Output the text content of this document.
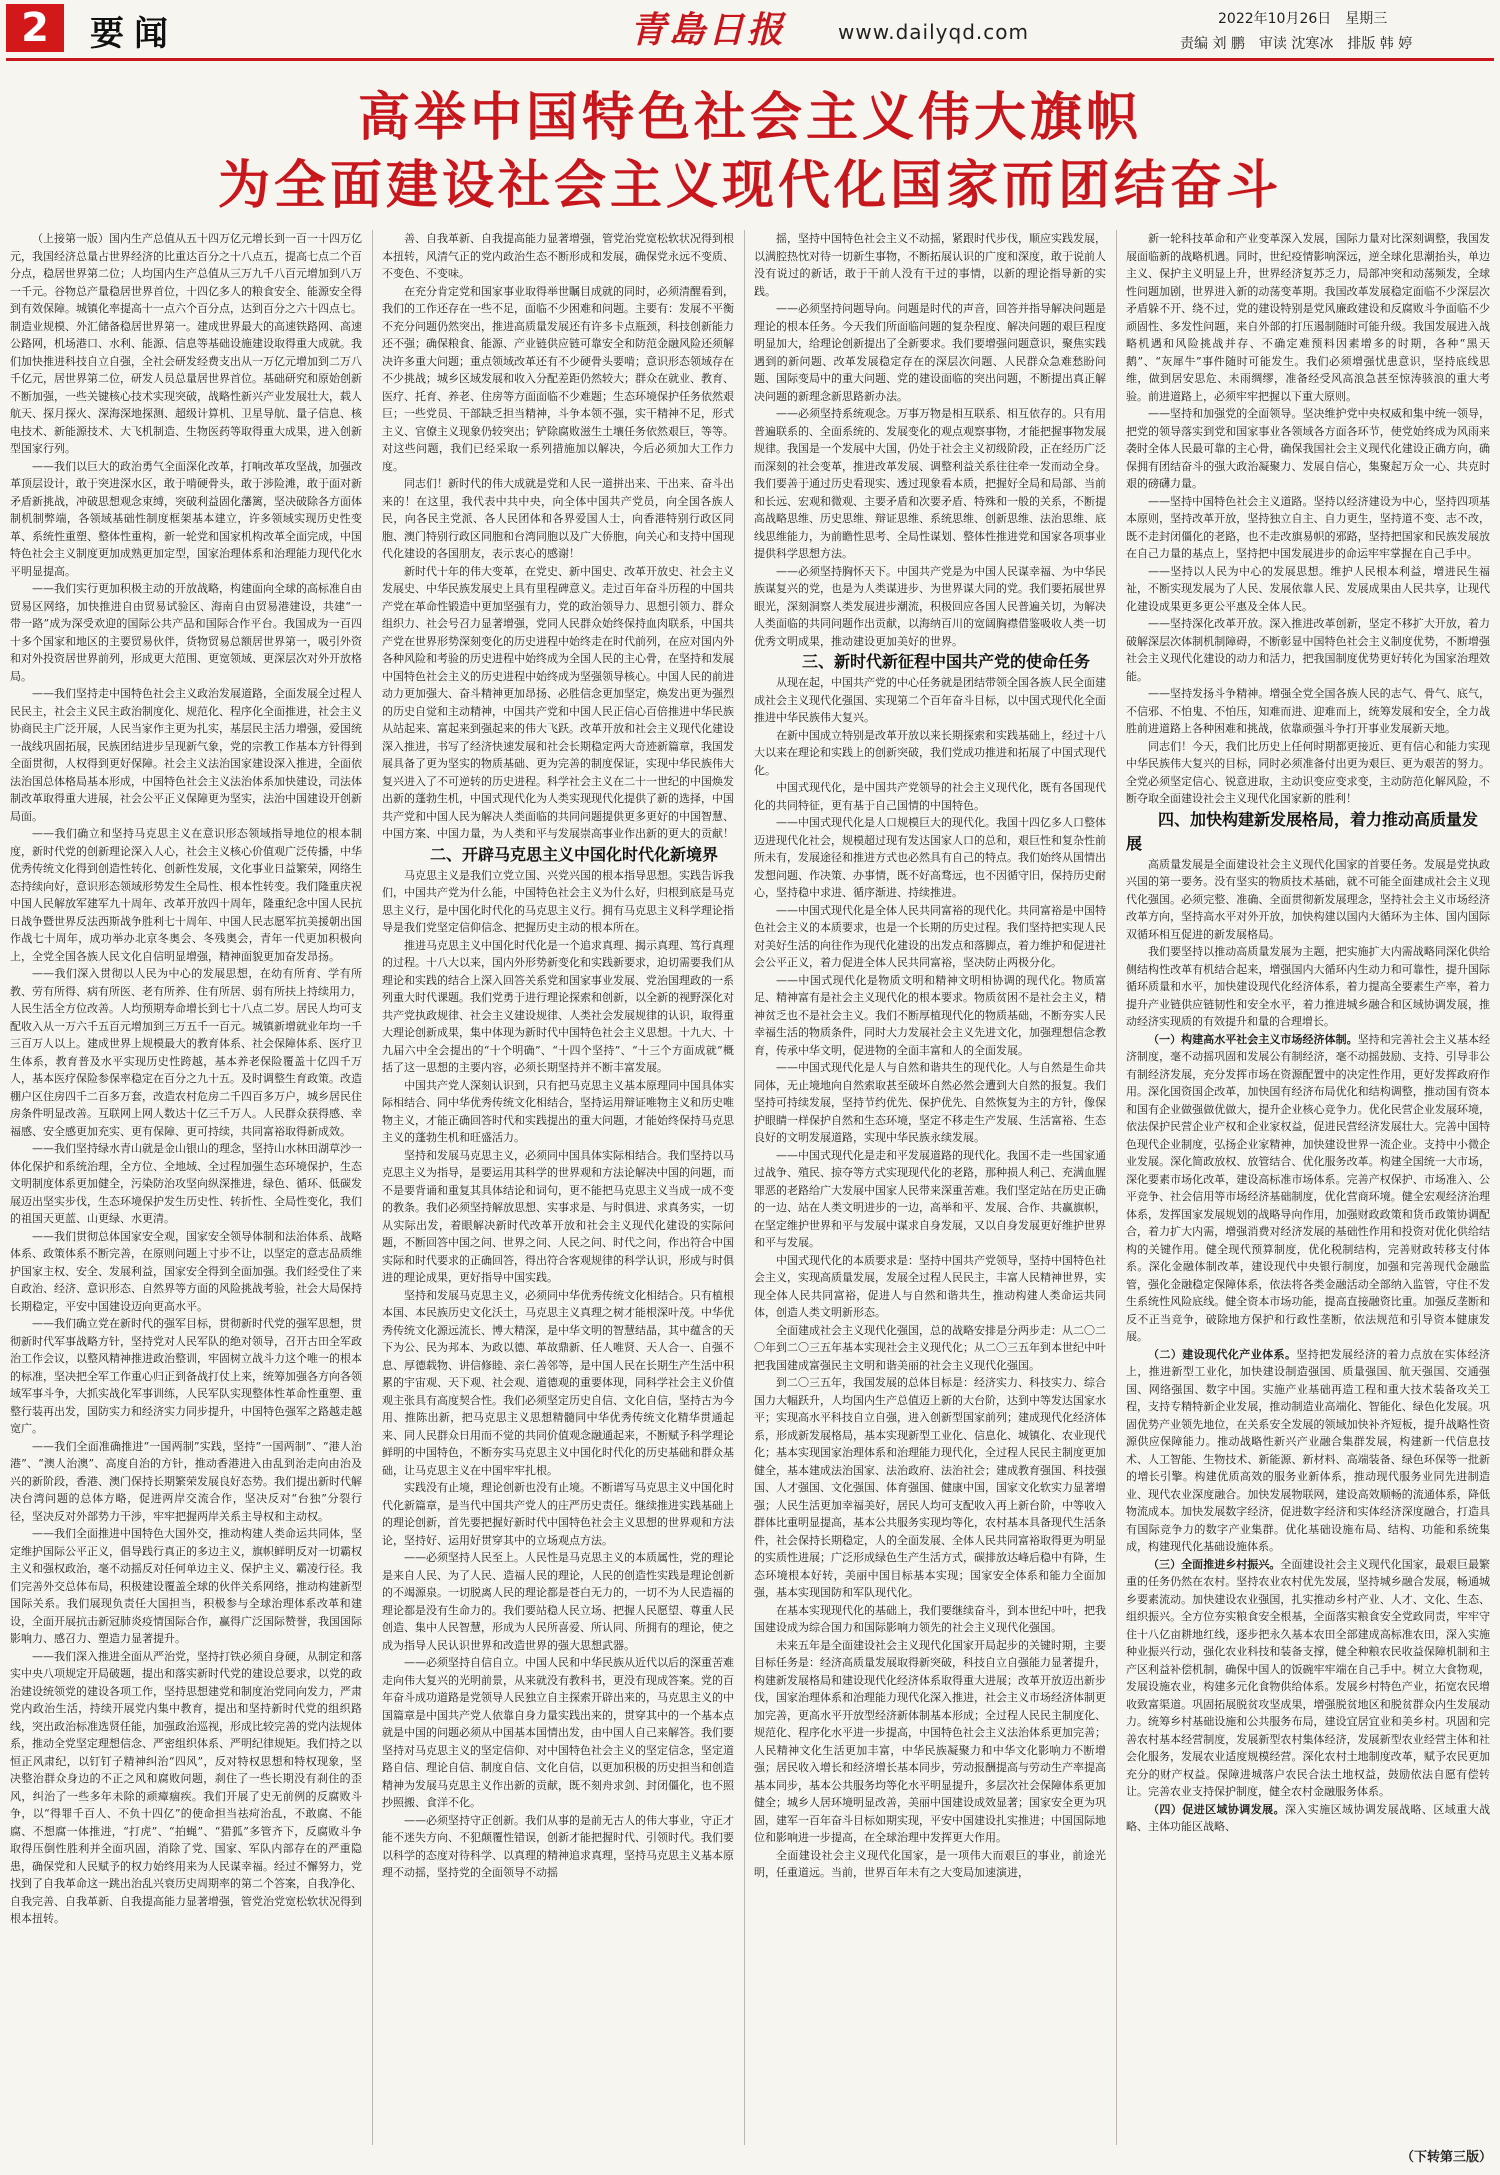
2	要闻	青島日报	www.dailyqd.com
2022年10月26日　星期三
责编 刘 鹏　审读 沈寒冰　排版 韩 婷
高举中国特色社会主义伟大旗帜
为全面建设社会主义现代化国家而团结奋斗

（上接第一版）国内生产总值从五十四万亿元增长到一百一十四万亿元，我国经济总量占世界经济的比重达百分之十八点五，提高七点二个百分点，稳居世界第二位；人均国内生产总值从三万九千八百元增加到八万一千元。谷物总产量稳居世界首位，十四亿多人的粮食安全、能源安全得到有效保障。城镇化率提高十一点六个百分点，达到百分之六十四点七。制造业规模、外汇储备稳居世界第一。建成世界最大的高速铁路网、高速公路网，机场港口、水利、能源、信息等基础设施建设取得重大成就。我们加快推进科技自立自强，全社会研发经费支出从一万亿元增加到二万八千亿元，居世界第二位，研发人员总量居世界首位。基础研究和原始创新不断加强，一些关键核心技术实现突破，战略性新兴产业发展壮大，载人航天、探月探火、深海深地探测、超级计算机、卫星导航、量子信息、核电技术、新能源技术、大飞机制造、生物医药等取得重大成果，进入创新型国家行列。

——我们以巨大的政治勇气全面深化改革，打响改革攻坚战，加强改革顶层设计，敢于突进深水区，敢于啃硬骨头，敢于涉险滩，敢于面对新矛盾新挑战，冲破思想观念束缚，突破利益固化藩篱，坚决破除各方面体制机制弊端，各领域基础性制度框架基本建立，许多领域实现历史性变革、系统性重塑、整体性重构，新一轮党和国家机构改革全面完成，中国特色社会主义制度更加成熟更加定型，国家治理体系和治理能力现代化水平明显提高。

——我们实行更加积极主动的开放战略，构建面向全球的高标准自由贸易区网络，加快推进自由贸易试验区、海南自由贸易港建设，共建“一带一路”成为深受欢迎的国际公共产品和国际合作平台。我国成为一百四十多个国家和地区的主要贸易伙伴，货物贸易总额居世界第一，吸引外资和对外投资居世界前列，形成更大范围、更宽领域、更深层次对外开放格局。

——我们坚持走中国特色社会主义政治发展道路，全面发展全过程人民民主，社会主义民主政治制度化、规范化、程序化全面推进，社会主义协商民主广泛开展，人民当家作主更为扎实，基层民主活力增强，爱国统一战线巩固拓展，民族团结进步呈现新气象，党的宗教工作基本方针得到全面贯彻，人权得到更好保障。社会主义法治国家建设深入推进，全面依法治国总体格局基本形成，中国特色社会主义法治体系加快建设，司法体制改革取得重大进展，社会公平正义保障更为坚实，法治中国建设开创新局面。

——我们确立和坚持马克思主义在意识形态领域指导地位的根本制度，新时代党的创新理论深入人心，社会主义核心价值观广泛传播，中华优秀传统文化得到创造性转化、创新性发展，文化事业日益繁荣，网络生态持续向好，意识形态领域形势发生全局性、根本性转变。我们隆重庆祝中国人民解放军建军九十周年、改革开放四十周年，隆重纪念中国人民抗日战争暨世界反法西斯战争胜利七十周年、中国人民志愿军抗美援朝出国作战七十周年，成功举办北京冬奥会、冬残奥会，青年一代更加积极向上，全党全国各族人民文化自信明显增强，精神面貌更加奋发昂扬。

——我们深入贯彻以人民为中心的发展思想，在幼有所育、学有所教、劳有所得、病有所医、老有所养、住有所居、弱有所扶上持续用力，人民生活全方位改善。人均预期寿命增长到七十八点二岁。居民人均可支配收入从一万六千五百元增加到三万五千一百元。城镇新增就业年均一千三百万人以上。建成世界上规模最大的教育体系、社会保障体系、医疗卫生体系，教育普及水平实现历史性跨越，基本养老保险覆盖十亿四千万人，基本医疗保险参保率稳定在百分之九十五。及时调整生育政策。改造棚户区住房四千二百多万套，改造农村危房二千四百多万户，城乡居民住房条件明显改善。互联网上网人数达十亿三千万人。人民群众获得感、幸福感、安全感更加充实、更有保障、更可持续，共同富裕取得新成效。

——我们坚持绿水青山就是金山银山的理念，坚持山水林田湖草沙一体化保护和系统治理，全方位、全地域、全过程加强生态环境保护，生态文明制度体系更加健全，污染防治攻坚向纵深推进，绿色、循环、低碳发展迈出坚实步伐，生态环境保护发生历史性、转折性、全局性变化，我们的祖国天更蓝、山更绿、水更清。

——我们贯彻总体国家安全观，国家安全领导体制和法治体系、战略体系、政策体系不断完善，在原则问题上寸步不让，以坚定的意志品质维护国家主权、安全、发展利益，国家安全得到全面加强。我们经受住了来自政治、经济、意识形态、自然界等方面的风险挑战考验，社会大局保持长期稳定，平安中国建设迈向更高水平。

——我们确立党在新时代的强军目标，贯彻新时代党的强军思想，贯彻新时代军事战略方针，坚持党对人民军队的绝对领导，召开古田全军政治工作会议，以整风精神推进政治整训，牢固树立战斗力这个唯一的根本的标准，坚决把全军工作重心归正到备战打仗上来，统筹加强各方向各领域军事斗争，大抓实战化军事训练，人民军队实现整体性革命性重塑、重整行装再出发，国防实力和经济实力同步提升，中国特色强军之路越走越宽广。

——我们全面准确推进“一国两制”实践，坚持“一国两制”、“港人治港”、“澳人治澳”、高度自治的方针，推动香港进入由乱到治走向由治及兴的新阶段，香港、澳门保持长期繁荣发展良好态势。我们提出新时代解决台湾问题的总体方略，促进两岸交流合作，坚决反对“台独”分裂行径，坚决反对外部势力干涉，牢牢把握两岸关系主导权和主动权。

——我们全面推进中国特色大国外交，推动构建人类命运共同体，坚定维护国际公平正义，倡导践行真正的多边主义，旗帜鲜明反对一切霸权主义和强权政治，毫不动摇反对任何单边主义、保护主义、霸凌行径。我们完善外交总体布局，积极建设覆盖全球的伙伴关系网络，推动构建新型国际关系。我们展现负责任大国担当，积极参与全球治理体系改革和建设，全面开展抗击新冠肺炎疫情国际合作，赢得广泛国际赞誉，我国国际影响力、感召力、塑造力显著提升。

——我们深入推进全面从严治党，坚持打铁必须自身硬，从制定和落实中央八项规定开局破题，提出和落实新时代党的建设总要求，以党的政治建设统领党的建设各项工作，坚持思想建党和制度治党同向发力，严肃党内政治生活，持续开展党内集中教育，提出和坚持新时代党的组织路线，突出政治标准选贤任能，加强政治巡视，形成比较完善的党内法规体系，推动全党坚定理想信念、严密组织体系、严明纪律规矩。我们持之以恒正风肃纪，以钉钉子精神纠治“四风”，反对特权思想和特权现象，坚决整治群众身边的不正之风和腐败问题，刹住了一些长期没有刹住的歪风，纠治了一些多年未除的顽瘴痼疾。我们开展了史无前例的反腐败斗争，以“得罪千百人、不负十四亿”的使命担当祛疴治乱，不敢腐、不能腐、不想腐一体推进，“打虎”、“拍蝇”、“猎狐”多管齐下，反腐败斗争取得压倒性胜利并全面巩固，消除了党、国家、军队内部存在的严重隐患，确保党和人民赋予的权力始终用来为人民谋幸福。经过不懈努力，党找到了自我革命这一跳出治乱兴衰历史周期率的第二个答案，自我净化、自我完善、自我革新、自我提高能力显著增强，管党治党宽松软状况得到根本扭转。

善、自我革新、自我提高能力显著增强，管党治党宽松软状况得到根本扭转，风清气正的党内政治生态不断形成和发展，确保党永远不变质、不变色、不变味。

在充分肯定党和国家事业取得举世瞩目成就的同时，必须清醒看到，我们的工作还存在一些不足，面临不少困难和问题。主要有：发展不平衡不充分问题仍然突出，推进高质量发展还有许多卡点瓶颈，科技创新能力还不强；确保粮食、能源、产业链供应链可靠安全和防范金融风险还须解决许多重大问题；重点领域改革还有不少硬骨头要啃；意识形态领域存在不少挑战；城乡区域发展和收入分配差距仍然较大；群众在就业、教育、医疗、托育、养老、住房等方面面临不少难题；生态环境保护任务依然艰巨；一些党员、干部缺乏担当精神，斗争本领不强，实干精神不足，形式主义、官僚主义现象仍较突出；铲除腐败滋生土壤任务依然艰巨，等等。对这些问题，我们已经采取一系列措施加以解决，今后必须加大工作力度。

同志们！新时代的伟大成就是党和人民一道拼出来、干出来、奋斗出来的！在这里，我代表中共中央，向全体中国共产党员，向全国各族人民，向各民主党派、各人民团体和各界爱国人士，向香港特别行政区同胞、澳门特别行政区同胞和台湾同胞以及广大侨胞，向关心和支持中国现代化建设的各国朋友，表示衷心的感谢！

新时代十年的伟大变革，在党史、新中国史、改革开放史、社会主义发展史、中华民族发展史上具有里程碑意义。走过百年奋斗历程的中国共产党在革命性锻造中更加坚强有力，党的政治领导力、思想引领力、群众组织力、社会号召力显著增强，党同人民群众始终保持血肉联系，中国共产党在世界形势深刻变化的历史进程中始终走在时代前列，在应对国内外各种风险和考验的历史进程中始终成为全国人民的主心骨，在坚持和发展中国特色社会主义的历史进程中始终成为坚强领导核心。中国人民的前进动力更加强大、奋斗精神更加昂扬、必胜信念更加坚定，焕发出更为强烈的历史自觉和主动精神，中国共产党和中国人民正信心百倍推进中华民族从站起来、富起来到强起来的伟大飞跃。改革开放和社会主义现代化建设深入推进，书写了经济快速发展和社会长期稳定两大奇迹新篇章，我国发展具备了更为坚实的物质基础、更为完善的制度保证，实现中华民族伟大复兴进入了不可逆转的历史进程。科学社会主义在二十一世纪的中国焕发出新的蓬勃生机，中国式现代化为人类实现现代化提供了新的选择，中国共产党和中国人民为解决人类面临的共同问题提供更多更好的中国智慧、中国方案、中国力量，为人类和平与发展崇高事业作出新的更大的贡献！

二、开辟马克思主义中国化时代化新境界

马克思主义是我们立党立国、兴党兴国的根本指导思想。实践告诉我们，中国共产党为什么能，中国特色社会主义为什么好，归根到底是马克思主义行，是中国化时代化的马克思主义行。拥有马克思主义科学理论指导是我们党坚定信仰信念、把握历史主动的根本所在。

推进马克思主义中国化时代化是一个追求真理、揭示真理、笃行真理的过程。十八大以来，国内外形势新变化和实践新要求，迫切需要我们从理论和实践的结合上深入回答关系党和国家事业发展、党治国理政的一系列重大时代课题。我们党勇于进行理论探索和创新，以全新的视野深化对共产党执政规律、社会主义建设规律、人类社会发展规律的认识，取得重大理论创新成果，集中体现为新时代中国特色社会主义思想。十九大、十九届六中全会提出的“十个明确”、“十四个坚持”、“十三个方面成就”概括了这一思想的主要内容，必须长期坚持并不断丰富发展。

中国共产党人深刻认识到，只有把马克思主义基本原理同中国具体实际相结合、同中华优秀传统文化相结合，坚持运用辩证唯物主义和历史唯物主义，才能正确回答时代和实践提出的重大问题，才能始终保持马克思主义的蓬勃生机和旺盛活力。

坚持和发展马克思主义，必须同中国具体实际相结合。我们坚持以马克思主义为指导，是要运用其科学的世界观和方法论解决中国的问题，而不是要背诵和重复其具体结论和词句，更不能把马克思主义当成一成不变的教条。我们必须坚持解放思想、实事求是、与时俱进、求真务实，一切从实际出发，着眼解决新时代改革开放和社会主义现代化建设的实际问题，不断回答中国之问、世界之问、人民之问、时代之问，作出符合中国实际和时代要求的正确回答，得出符合客观规律的科学认识，形成与时俱进的理论成果，更好指导中国实践。

坚持和发展马克思主义，必须同中华优秀传统文化相结合。只有植根本国、本民族历史文化沃土，马克思主义真理之树才能根深叶茂。中华优秀传统文化源远流长、博大精深，是中华文明的智慧结晶，其中蕴含的天下为公、民为邦本、为政以德、革故鼎新、任人唯贤、天人合一、自强不息、厚德载物、讲信修睦、亲仁善邻等，是中国人民在长期生产生活中积累的宇宙观、天下观、社会观、道德观的重要体现，同科学社会主义价值观主张具有高度契合性。我们必须坚定历史自信、文化自信，坚持古为今用、推陈出新，把马克思主义思想精髓同中华优秀传统文化精华贯通起来、同人民群众日用而不觉的共同价值观念融通起来，不断赋予科学理论鲜明的中国特色，不断夯实马克思主义中国化时代化的历史基础和群众基础，让马克思主义在中国牢牢扎根。

实践没有止境，理论创新也没有止境。不断谱写马克思主义中国化时代化新篇章，是当代中国共产党人的庄严历史责任。继续推进实践基础上的理论创新，首先要把握好新时代中国特色社会主义思想的世界观和方法论，坚持好、运用好贯穿其中的立场观点方法。

——必须坚持人民至上。人民性是马克思主义的本质属性，党的理论是来自人民、为了人民、造福人民的理论，人民的创造性实践是理论创新的不竭源泉。一切脱离人民的理论都是苍白无力的，一切不为人民造福的理论都是没有生命力的。我们要站稳人民立场、把握人民愿望、尊重人民创造、集中人民智慧，形成为人民所喜爱、所认同、所拥有的理论，使之成为指导人民认识世界和改造世界的强大思想武器。

——必须坚持自信自立。中国人民和中华民族从近代以后的深重苦难走向伟大复兴的光明前景，从来就没有教科书，更没有现成答案。党的百年奋斗成功道路是党领导人民独立自主探索开辟出来的，马克思主义的中国篇章是中国共产党人依靠自身力量实践出来的，贯穿其中的一个基本点就是中国的问题必须从中国基本国情出发，由中国人自己来解答。我们要坚持对马克思主义的坚定信仰、对中国特色社会主义的坚定信念，坚定道路自信、理论自信、制度自信、文化自信，以更加积极的历史担当和创造精神为发展马克思主义作出新的贡献，既不刻舟求剑、封闭僵化，也不照抄照搬、食洋不化。

——必须坚持守正创新。我们从事的是前无古人的伟大事业，守正才能不迷失方向、不犯颠覆性错误，创新才能把握时代、引领时代。我们要以科学的态度对待科学、以真理的精神追求真理，坚持马克思主义基本原理不动摇，坚持党的全面领导不动摇

摇，坚持中国特色社会主义不动摇，紧跟时代步伐，顺应实践发展，以满腔热忱对待一切新生事物，不断拓展认识的广度和深度，敢于说前人没有说过的新话，敢于干前人没有干过的事情，以新的理论指导新的实践。

——必须坚持问题导向。问题是时代的声音，回答并指导解决问题是理论的根本任务。今天我们所面临问题的复杂程度、解决问题的艰巨程度明显加大，给理论创新提出了全新要求。我们要增强问题意识，聚焦实践遇到的新问题、改革发展稳定存在的深层次问题、人民群众急难愁盼问题、国际变局中的重大问题、党的建设面临的突出问题，不断提出真正解决问题的新理念新思路新办法。

——必须坚持系统观念。万事万物是相互联系、相互依存的。只有用普遍联系的、全面系统的、发展变化的观点观察事物，才能把握事物发展规律。我国是一个发展中大国，仍处于社会主义初级阶段，正在经历广泛而深刻的社会变革，推进改革发展、调整利益关系往往牵一发而动全身。我们要善于通过历史看现实、透过现象看本质，把握好全局和局部、当前和长远、宏观和微观、主要矛盾和次要矛盾、特殊和一般的关系，不断提高战略思维、历史思维、辩证思维、系统思维、创新思维、法治思维、底线思维能力，为前瞻性思考、全局性谋划、整体性推进党和国家各项事业提供科学思想方法。

——必须坚持胸怀天下。中国共产党是为中国人民谋幸福、为中华民族谋复兴的党，也是为人类谋进步、为世界谋大同的党。我们要拓展世界眼光，深刻洞察人类发展进步潮流，积极回应各国人民普遍关切，为解决人类面临的共同问题作出贡献，以海纳百川的宽阔胸襟借鉴吸收人类一切优秀文明成果，推动建设更加美好的世界。

三、新时代新征程中国共产党的使命任务

从现在起，中国共产党的中心任务就是团结带领全国各族人民全面建成社会主义现代化强国、实现第二个百年奋斗目标，以中国式现代化全面推进中华民族伟大复兴。

在新中国成立特别是改革开放以来长期探索和实践基础上，经过十八大以来在理论和实践上的创新突破，我们党成功推进和拓展了中国式现代化。

中国式现代化，是中国共产党领导的社会主义现代化，既有各国现代化的共同特征，更有基于自己国情的中国特色。

——中国式现代化是人口规模巨大的现代化。我国十四亿多人口整体迈进现代化社会，规模超过现有发达国家人口的总和，艰巨性和复杂性前所未有，发展途径和推进方式也必然具有自己的特点。我们始终从国情出发想问题、作决策、办事情，既不好高骛远，也不因循守旧，保持历史耐心，坚持稳中求进、循序渐进、持续推进。

——中国式现代化是全体人民共同富裕的现代化。共同富裕是中国特色社会主义的本质要求，也是一个长期的历史过程。我们坚持把实现人民对美好生活的向往作为现代化建设的出发点和落脚点，着力维护和促进社会公平正义，着力促进全体人民共同富裕，坚决防止两极分化。

——中国式现代化是物质文明和精神文明相协调的现代化。物质富足、精神富有是社会主义现代化的根本要求。物质贫困不是社会主义，精神贫乏也不是社会主义。我们不断厚植现代化的物质基础，不断夯实人民幸福生活的物质条件，同时大力发展社会主义先进文化，加强理想信念教育，传承中华文明，促进物的全面丰富和人的全面发展。

——中国式现代化是人与自然和谐共生的现代化。人与自然是生命共同体，无止境地向自然索取甚至破坏自然必然会遭到大自然的报复。我们坚持可持续发展，坚持节约优先、保护优先、自然恢复为主的方针，像保护眼睛一样保护自然和生态环境，坚定不移走生产发展、生活富裕、生态良好的文明发展道路，实现中华民族永续发展。

——中国式现代化是走和平发展道路的现代化。我国不走一些国家通过战争、殖民、掠夺等方式实现现代化的老路，那种损人利己、充满血腥罪恶的老路给广大发展中国家人民带来深重苦难。我们坚定站在历史正确的一边、站在人类文明进步的一边，高举和平、发展、合作、共赢旗帜，在坚定维护世界和平与发展中谋求自身发展，又以自身发展更好维护世界和平与发展。

中国式现代化的本质要求是：坚持中国共产党领导，坚持中国特色社会主义，实现高质量发展，发展全过程人民民主，丰富人民精神世界，实现全体人民共同富裕，促进人与自然和谐共生，推动构建人类命运共同体，创造人类文明新形态。

全面建成社会主义现代化强国，总的战略安排是分两步走：从二〇二〇年到二〇三五年基本实现社会主义现代化；从二〇三五年到本世纪中叶把我国建成富强民主文明和谐美丽的社会主义现代化强国。

到二〇三五年，我国发展的总体目标是：经济实力、科技实力、综合国力大幅跃升，人均国内生产总值迈上新的大台阶，达到中等发达国家水平；实现高水平科技自立自强，进入创新型国家前列；建成现代化经济体系，形成新发展格局，基本实现新型工业化、信息化、城镇化、农业现代化；基本实现国家治理体系和治理能力现代化，全过程人民民主制度更加健全，基本建成法治国家、法治政府、法治社会；建成教育强国、科技强国、人才强国、文化强国、体育强国、健康中国，国家文化软实力显著增强；人民生活更加幸福美好，居民人均可支配收入再上新台阶，中等收入群体比重明显提高，基本公共服务实现均等化，农村基本具备现代生活条件，社会保持长期稳定，人的全面发展、全体人民共同富裕取得更为明显的实质性进展；广泛形成绿色生产生活方式，碳排放达峰后稳中有降，生态环境根本好转，美丽中国目标基本实现；国家安全体系和能力全面加强，基本实现国防和军队现代化。

在基本实现现代化的基础上，我们要继续奋斗，到本世纪中叶，把我国建设成为综合国力和国际影响力领先的社会主义现代化强国。

未来五年是全面建设社会主义现代化国家开局起步的关键时期，主要目标任务是：经济高质量发展取得新突破，科技自立自强能力显著提升，构建新发展格局和建设现代化经济体系取得重大进展；改革开放迈出新步伐，国家治理体系和治理能力现代化深入推进，社会主义市场经济体制更加完善，更高水平开放型经济新体制基本形成；全过程人民民主制度化、规范化、程序化水平进一步提高，中国特色社会主义法治体系更加完善；人民精神文化生活更加丰富，中华民族凝聚力和中华文化影响力不断增强；居民收入增长和经济增长基本同步，劳动报酬提高与劳动生产率提高基本同步，基本公共服务均等化水平明显提升，多层次社会保障体系更加健全；城乡人居环境明显改善，美丽中国建设成效显著；国家安全更为巩固，建军一百年奋斗目标如期实现，平安中国建设扎实推进；中国国际地位和影响进一步提高，在全球治理中发挥更大作用。

全面建设社会主义现代化国家，是一项伟大而艰巨的事业，前途光明，任重道远。当前，世界百年未有之大变局加速演进，

新一轮科技革命和产业变革深入发展，国际力量对比深刻调整，我国发展面临新的战略机遇。同时，世纪疫情影响深远，逆全球化思潮抬头，单边主义、保护主义明显上升，世界经济复苏乏力，局部冲突和动荡频发，全球性问题加剧，世界进入新的动荡变革期。我国改革发展稳定面临不少深层次矛盾躲不开、绕不过，党的建设特别是党风廉政建设和反腐败斗争面临不少顽固性、多发性问题，来自外部的打压遏制随时可能升级。我国发展进入战略机遇和风险挑战并存、不确定难预料因素增多的时期，各种“黑天鹅”、“灰犀牛”事件随时可能发生。我们必须增强忧患意识，坚持底线思维，做到居安思危、未雨绸缪，准备经受风高浪急甚至惊涛骇浪的重大考验。前进道路上，必须牢牢把握以下重大原则。

——坚持和加强党的全面领导。坚决维护党中央权威和集中统一领导，把党的领导落实到党和国家事业各领域各方面各环节，使党始终成为风雨来袭时全体人民最可靠的主心骨，确保我国社会主义现代化建设正确方向，确保拥有团结奋斗的强大政治凝聚力、发展自信心，集聚起万众一心、共克时艰的磅礴力量。

——坚持中国特色社会主义道路。坚持以经济建设为中心，坚持四项基本原则，坚持改革开放，坚持独立自主、自力更生，坚持道不变、志不改，既不走封闭僵化的老路，也不走改旗易帜的邪路，坚持把国家和民族发展放在自己力量的基点上，坚持把中国发展进步的命运牢牢掌握在自己手中。

——坚持以人民为中心的发展思想。维护人民根本利益，增进民生福祉，不断实现发展为了人民、发展依靠人民、发展成果由人民共享，让现代化建设成果更多更公平惠及全体人民。

——坚持深化改革开放。深入推进改革创新，坚定不移扩大开放，着力破解深层次体制机制障碍，不断彰显中国特色社会主义制度优势，不断增强社会主义现代化建设的动力和活力，把我国制度优势更好转化为国家治理效能。

——坚持发扬斗争精神。增强全党全国各族人民的志气、骨气、底气，不信邪、不怕鬼、不怕压，知难而进、迎难而上，统筹发展和安全，全力战胜前进道路上各种困难和挑战，依靠顽强斗争打开事业发展新天地。

同志们！今天，我们比历史上任何时期都更接近、更有信心和能力实现中华民族伟大复兴的目标，同时必须准备付出更为艰巨、更为艰苦的努力。全党必须坚定信心、锐意进取，主动识变应变求变，主动防范化解风险，不断夺取全面建设社会主义现代化国家新的胜利！

四、加快构建新发展格局，着力推动高质量发展

高质量发展是全面建设社会主义现代化国家的首要任务。发展是党执政兴国的第一要务。没有坚实的物质技术基础，就不可能全面建成社会主义现代化强国。必须完整、准确、全面贯彻新发展理念，坚持社会主义市场经济改革方向，坚持高水平对外开放，加快构建以国内大循环为主体、国内国际双循环相互促进的新发展格局。

我们要坚持以推动高质量发展为主题，把实施扩大内需战略同深化供给侧结构性改革有机结合起来，增强国内大循环内生动力和可靠性，提升国际循环质量和水平，加快建设现代化经济体系，着力提高全要素生产率，着力提升产业链供应链韧性和安全水平，着力推进城乡融合和区域协调发展，推动经济实现质的有效提升和量的合理增长。

（一）构建高水平社会主义市场经济体制。坚持和完善社会主义基本经济制度，毫不动摇巩固和发展公有制经济，毫不动摇鼓励、支持、引导非公有制经济发展，充分发挥市场在资源配置中的决定性作用，更好发挥政府作用。深化国资国企改革，加快国有经济布局优化和结构调整，推动国有资本和国有企业做强做优做大，提升企业核心竞争力。优化民营企业发展环境，依法保护民营企业产权和企业家权益，促进民营经济发展壮大。完善中国特色现代企业制度，弘扬企业家精神，加快建设世界一流企业。支持中小微企业发展。深化简政放权、放管结合、优化服务改革。构建全国统一大市场，深化要素市场化改革，建设高标准市场体系。完善产权保护、市场准入、公平竞争、社会信用等市场经济基础制度，优化营商环境。健全宏观经济治理体系，发挥国家发展规划的战略导向作用，加强财政政策和货币政策协调配合，着力扩大内需，增强消费对经济发展的基础性作用和投资对优化供给结构的关键作用。健全现代预算制度，优化税制结构，完善财政转移支付体系。深化金融体制改革，建设现代中央银行制度，加强和完善现代金融监管，强化金融稳定保障体系，依法将各类金融活动全部纳入监管，守住不发生系统性风险底线。健全资本市场功能，提高直接融资比重。加强反垄断和反不正当竞争，破除地方保护和行政性垄断，依法规范和引导资本健康发展。

（二）建设现代化产业体系。坚持把发展经济的着力点放在实体经济上，推进新型工业化，加快建设制造强国、质量强国、航天强国、交通强国、网络强国、数字中国。实施产业基础再造工程和重大技术装备攻关工程，支持专精特新企业发展，推动制造业高端化、智能化、绿色化发展。巩固优势产业领先地位，在关系安全发展的领域加快补齐短板，提升战略性资源供应保障能力。推动战略性新兴产业融合集群发展，构建新一代信息技术、人工智能、生物技术、新能源、新材料、高端装备、绿色环保等一批新的增长引擎。构建优质高效的服务业新体系，推动现代服务业同先进制造业、现代农业深度融合。加快发展物联网，建设高效顺畅的流通体系，降低物流成本。加快发展数字经济，促进数字经济和实体经济深度融合，打造具有国际竞争力的数字产业集群。优化基础设施布局、结构、功能和系统集成，构建现代化基础设施体系。

（三）全面推进乡村振兴。全面建设社会主义现代化国家，最艰巨最繁重的任务仍然在农村。坚持农业农村优先发展，坚持城乡融合发展，畅通城乡要素流动。加快建设农业强国，扎实推动乡村产业、人才、文化、生态、组织振兴。全方位夯实粮食安全根基，全面落实粮食安全党政同责，牢牢守住十八亿亩耕地红线，逐步把永久基本农田全部建成高标准农田，深入实施种业振兴行动，强化农业科技和装备支撑，健全种粮农民收益保障机制和主产区利益补偿机制，确保中国人的饭碗牢牢端在自己手中。树立大食物观，发展设施农业，构建多元化食物供给体系。发展乡村特色产业，拓宽农民增收致富渠道。巩固拓展脱贫攻坚成果，增强脱贫地区和脱贫群众内生发展动力。统筹乡村基础设施和公共服务布局，建设宜居宜业和美乡村。巩固和完善农村基本经营制度，发展新型农村集体经济，发展新型农业经营主体和社会化服务，发展农业适度规模经营。深化农村土地制度改革，赋予农民更加充分的财产权益。保障进城落户农民合法土地权益，鼓励依法自愿有偿转让。完善农业支持保护制度，健全农村金融服务体系。

（四）促进区域协调发展。深入实施区域协调发展战略、区域重大战略、主体功能区战略、

（下转第三版）
